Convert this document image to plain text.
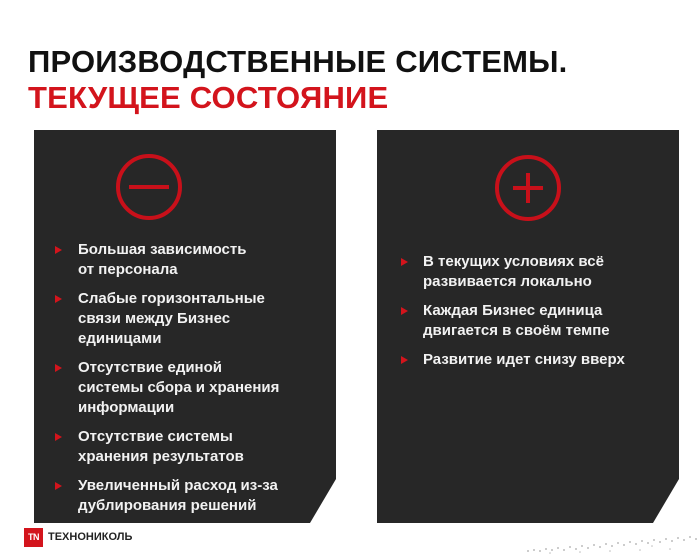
ПРОИЗВОДСТВЕННЫЕ СИСТЕМЫ.
ТЕКУЩЕЕ СОСТОЯНИЕ
Большая зависимость
от персонала
Слабые горизонтальные
связи между Бизнес
единицами
Отсутствие единой
системы сбора и хранения
информации
Отсутствие системы
хранения результатов
Увеличенный расход из-за
дублирования решений
В текущих условиях всё
развивается локально
Каждая Бизнес единица
двигается в своём темпе
Развитие идет снизу вверх
TN ТЕХНОНИКОЛЬ
